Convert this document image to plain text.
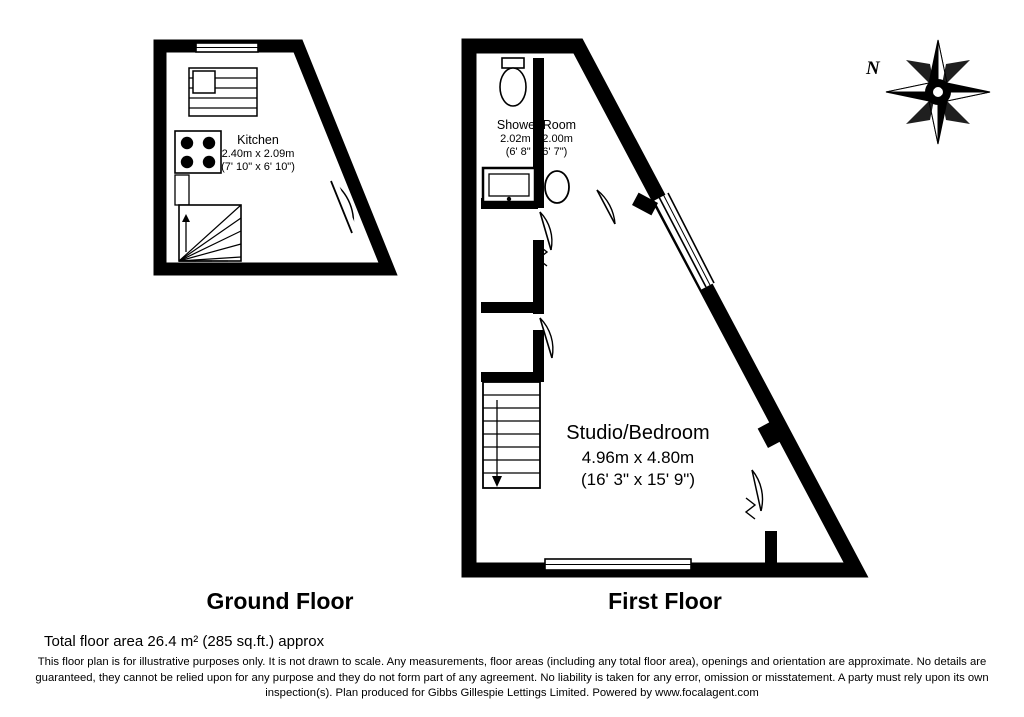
Kitchen
2.40m x 2.09m
(7' 10" x 6' 10")
Shower Room
2.02m x 2.00m
(6' 8" x 6' 7")
Studio/Bedroom
4.96m x 4.80m
(16' 3" x 15' 9")
Ground Floor	First Floor
Total floor area 26.4 m² (285 sq.ft.) approx
N
This floor plan is for illustrative purposes only. It is not drawn to scale. Any measurements, floor areas (including any total floor area), openings and orientation are approximate. No details are guaranteed, they cannot be relied upon for any purpose and they do not form part of any agreement. No liability is taken for any error, omission or misstatement. A party must rely upon its own inspection(s). Plan produced for Gibbs Gillespie Lettings Limited. Powered by www.focalagent.com
